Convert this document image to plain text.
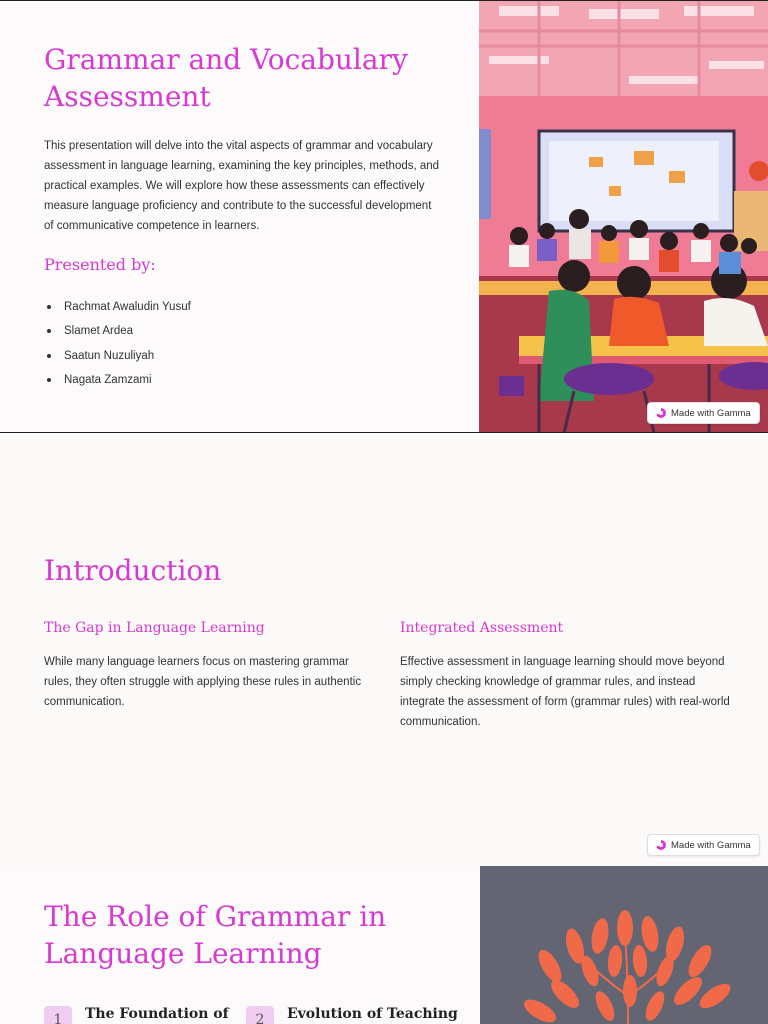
Grammar and Vocabulary Assessment

This presentation will delve into the vital aspects of grammar and vocabulary assessment in language learning, examining the key principles, methods, and practical examples. We will explore how these assessments can effectively measure language proficiency and contribute to the successful development of communicative competence in learners.

Presented by:
Rachmat Awaludin Yusuf
Slamet Ardea
Saatun Nuzuliyah
Nagata Zamzami
Made with Gamma
Introduction
The Gap in Language Learning

While many language learners focus on mastering grammar rules, they often struggle with applying these rules in authentic communication.

Integrated Assessment

Effective assessment in language learning should move beyond simply checking knowledge of grammar rules, and instead integrate the assessment of form (grammar rules) with real-world communication.

Made with Gamma
The Role of Grammar in Language Learning
1	The Foundation of	2	Evolution of Teaching
